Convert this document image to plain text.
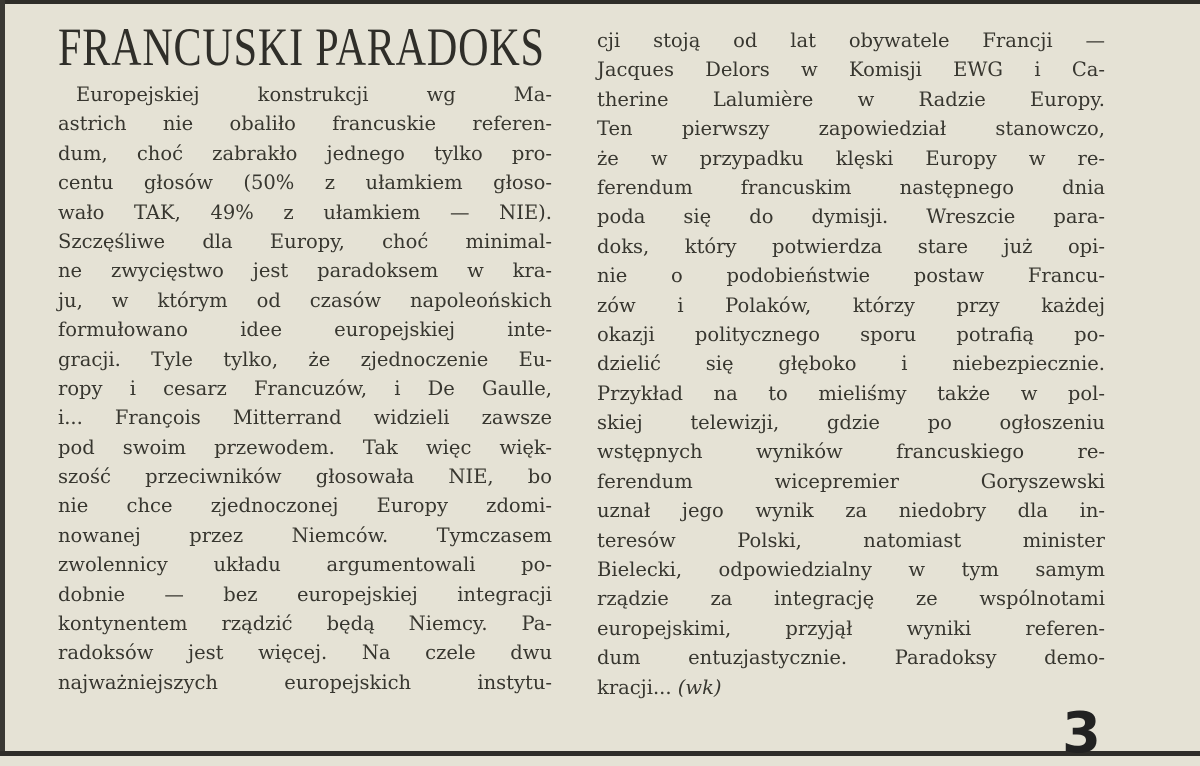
FRANCUSKI PARADOKS
Europejskiej konstrukcji wg Ma-
astrich nie obaliło francuskie referen-
dum, choć zabrakło jednego tylko pro-
centu głosów (50% z ułamkiem głoso-
wało TAK, 49% z ułamkiem — NIE).
Szczęśliwe dla Europy, choć minimal-
ne zwycięstwo jest paradoksem w kra-
ju, w którym od czasów napoleońskich
formułowano idee europejskiej inte-
gracji. Tyle tylko, że zjednoczenie Eu-
ropy i cesarz Francuzów, i De Gaulle,
i... François Mitterrand widzieli zawsze
pod swoim przewodem. Tak więc więk-
szość przeciwników głosowała NIE, bo
nie chce zjednoczonej Europy zdomi-
nowanej przez Niemców. Tymczasem
zwolennicy układu argumentowali po-
dobnie — bez europejskiej integracji
kontynentem rządzić będą Niemcy. Pa-
radoksów jest więcej. Na czele dwu
najważniejszych europejskich instytu-
cji stoją od lat obywatele Francji —
Jacques Delors w Komisji EWG i Ca-
therine Lalumière w Radzie Europy.
Ten pierwszy zapowiedział stanowczo,
że w przypadku klęski Europy w re-
ferendum francuskim następnego dnia
poda się do dymisji. Wreszcie para-
doks, który potwierdza stare już opi-
nie o podobieństwie postaw Francu-
zów i Polaków, którzy przy każdej
okazji politycznego sporu potrafią po-
dzielić się głęboko i niebezpiecznie.
Przykład na to mieliśmy także w pol-
skiej telewizji, gdzie po ogłoszeniu
wstępnych wyników francuskiego re-
ferendum wicepremier Goryszewski
uznał jego wynik za niedobry dla in-
teresów Polski, natomiast minister
Bielecki, odpowiedzialny w tym samym
rządzie za integrację ze wspólnotami
europejskimi, przyjął wyniki referen-
dum entuzjastycznie. Paradoksy demo-
kracji... (wk)
3
